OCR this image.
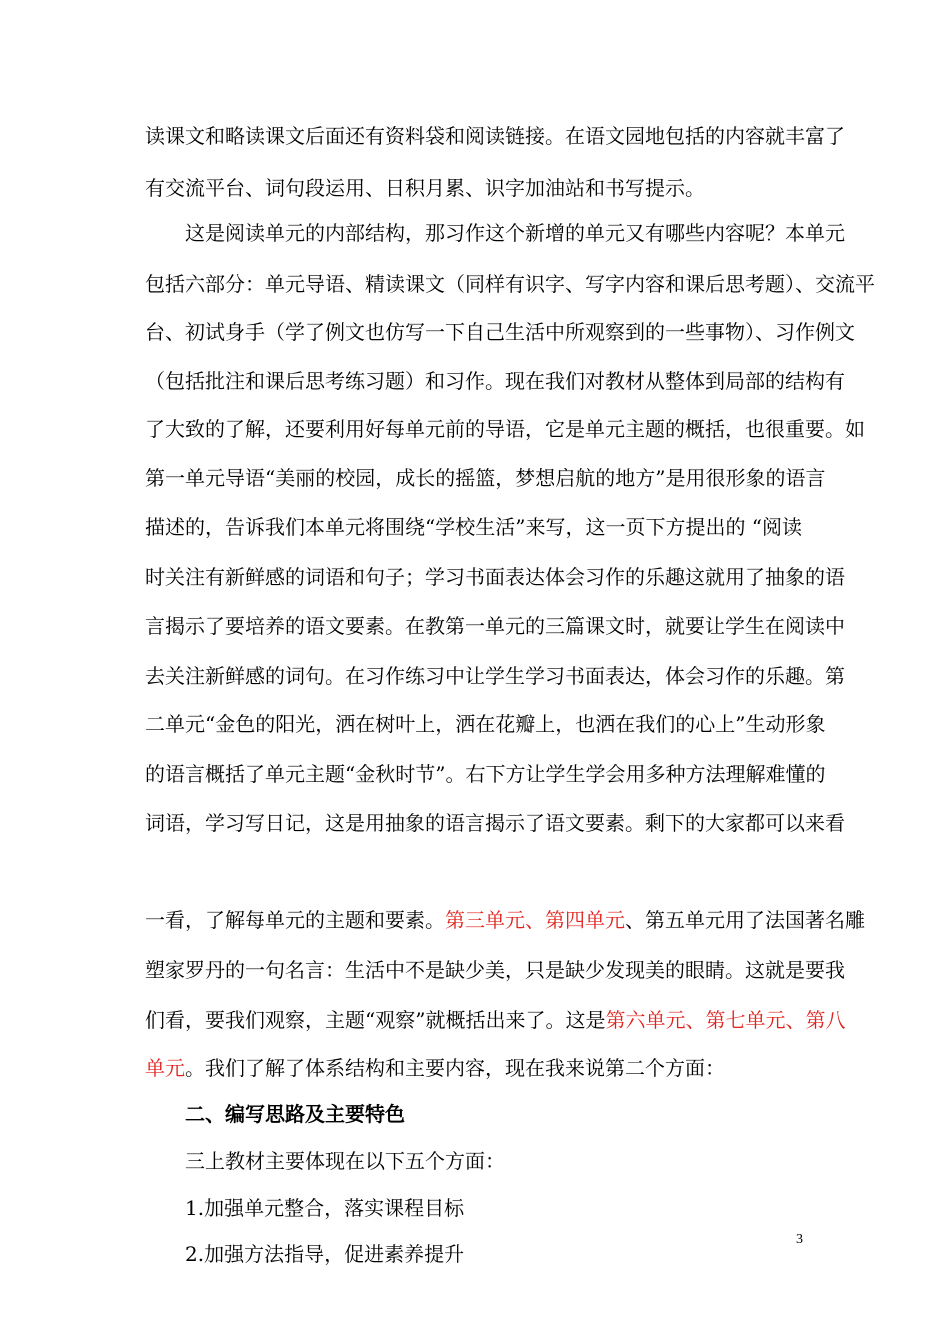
读课文和略读课文后面还有资料袋和阅读链接。在语文园地包括的内容就丰富了
有交流平台、词句段运用、日积月累、识字加油站和书写提示。
这是阅读单元的内部结构，那习作这个新增的单元又有哪些内容呢？本单元
包括六部分：单元导语、精读课文（同样有识字、写字内容和课后思考题）、交流平
台、初试身手（学了例文也仿写一下自己生活中所观察到的一些事物）、习作例文
（包括批注和课后思考练习题）和习作。现在我们对教材从整体到局部的结构有
了大致的了解，还要利用好每单元前的导语，它是单元主题的概括，也很重要。如
第一单元导语“美丽的校园，成长的摇篮，梦想启航的地方”是用很形象的语言
描述的，告诉我们本单元将围绕“学校生活”来写，这一页下方提出的 “阅读
时关注有新鲜感的词语和句子；学习书面表达体会习作的乐趣这就用了抽象的语
言揭示了要培养的语文要素。在教第一单元的三篇课文时，就要让学生在阅读中
去关注新鲜感的词句。在习作练习中让学生学习书面表达，体会习作的乐趣。第
二单元“金色的阳光，洒在树叶上，洒在花瓣上，也洒在我们的心上”生动形象
的语言概括了单元主题“金秋时节”。右下方让学生学会用多种方法理解难懂的
词语，学习写日记，这是用抽象的语言揭示了语文要素。剩下的大家都可以来看
一看，了解每单元的主题和要素。第三单元、第四单元、第五单元用了法国著名雕
塑家罗丹的一句名言：生活中不是缺少美，只是缺少发现美的眼睛。这就是要我
们看，要我们观察，主题“观察”就概括出来了。这是第六单元、第七单元、第八
单元。我们了解了体系结构和主要内容，现在我来说第二个方面：
二、编写思路及主要特色
三上教材主要体现在以下五个方面：
1.加强单元整合，落实课程目标
2.加强方法指导，促进素养提升
3
